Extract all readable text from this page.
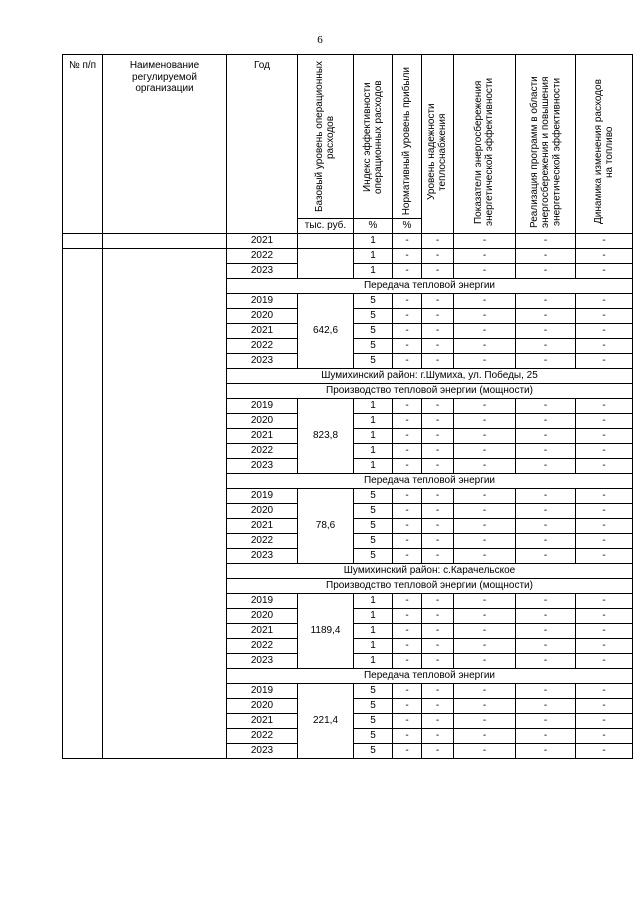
6
№ п/п	Наименование регулируемой организации	Год	Базовый уровень операционных расходов	Индекс эффективности операционных расходов	Нормативный уровень прибыли	Уровень надежности теплоснабжения	Показатели энергосбережения энергетической эффективности	Реализация программ в области энергосбережения и повышения энергетической эффективности	Динамика изменения расходов на топливо

			тыс. руб.	%	%				
		2021		1	-	-	-	-	-
		2022		1	-	-	-	-	-
		2023		1	-	-	-	-	-
		Передача тепловой энергии							
		2019	642,6	5	-	-	-	-	-
		2020		5	-	-	-	-	-
		2021		5	-	-	-	-	-
		2022		5	-	-	-	-	-
		2023		5	-	-	-	-	-
		Шумихинский район: г.Шумиха, ул. Победы, 25							
		Производство тепловой энергии (мощности)							
		2019	823,8	1	-	-	-	-	-
		2020		1	-	-	-	-	-
		2021		1	-	-	-	-	-
		2022		1	-	-	-	-	-
		2023		1	-	-	-	-	-
		Передача тепловой энергии							
		2019	78,6	5	-	-	-	-	-
		2020		5	-	-	-	-	-
		2021		5	-	-	-	-	-
		2022		5	-	-	-	-	-
		2023		5	-	-	-	-	-
		Шумихинский район: с.Карачельское							
		Производство тепловой энергии (мощности)							
		2019	1189,4	1	-	-	-	-	-
		2020		1	-	-	-	-	-
		2021		1	-	-	-	-	-
		2022		1	-	-	-	-	-
		2023		1	-	-	-	-	-
		Передача тепловой энергии							
		2019	221,4	5	-	-	-	-	-
		2020		5	-	-	-	-	-
		2021		5	-	-	-	-	-
		2022		5	-	-	-	-	-
		2023		5	-	-	-	-	-
